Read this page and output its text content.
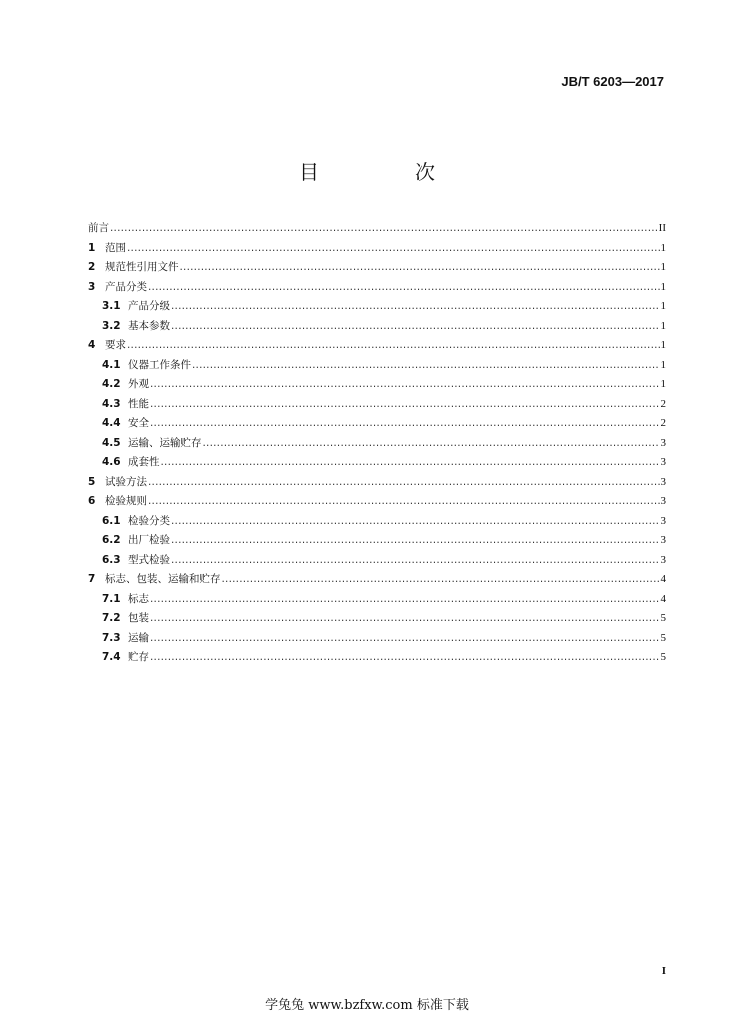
JB/T 6203—2017
目　次
前言 .....	II
1 范围 .....	1
2 规范性引用文件 .....	1
3 产品分类 .....	1
3.1 产品分级 .....	1
3.2 基本参数 .....	1
4 要求 .....	1
4.1 仪器工作条件 .....	1
4.2 外观 .....	1
4.3 性能 .....	2
4.4 安全 .....	2
4.5 运输、运输贮存 .....	3
4.6 成套性 .....	3
5 试验方法 .....	3
6 检验规则 .....	3
6.1 检验分类 .....	3
6.2 出厂检验 .....	3
6.3 型式检验 .....	3
7 标志、包装、运输和贮存 .....	4
7.1 标志 .....	4
7.2 包装 .....	5
7.3 运输 .....	5
7.4 贮存 .....	5
I
学兔兔 www.bzfxw.com 标准下载
